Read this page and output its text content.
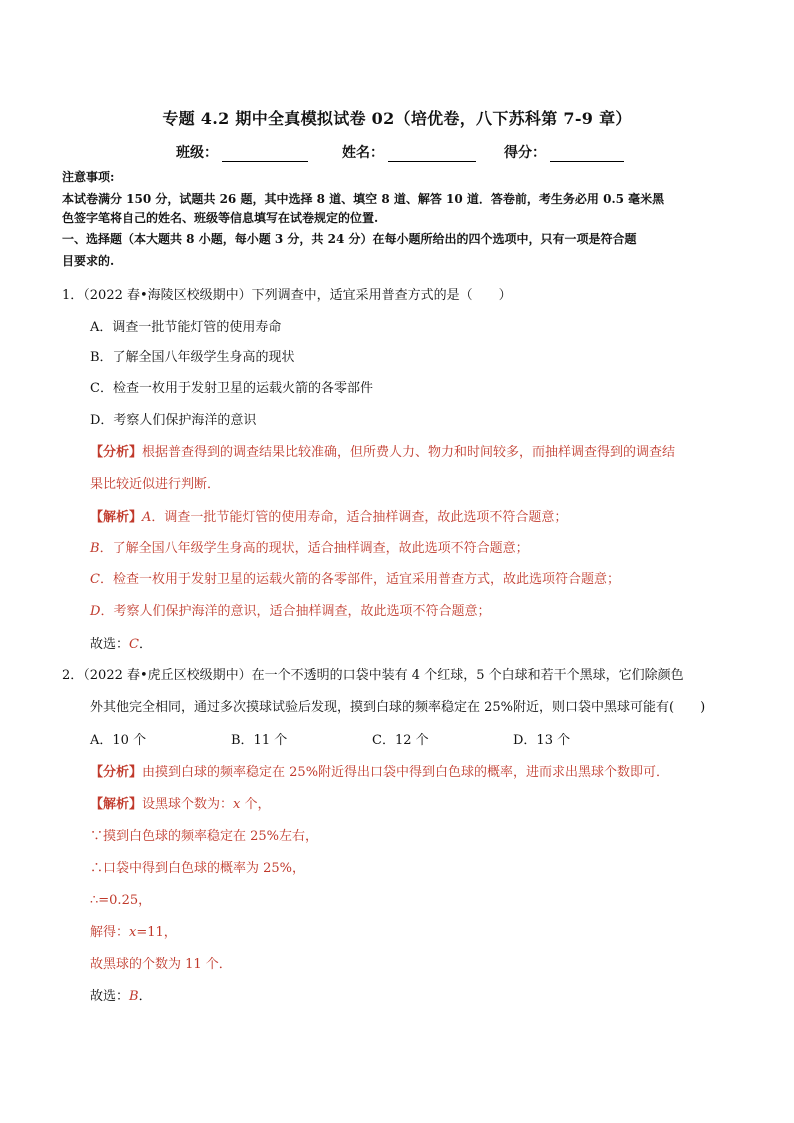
专题 4.2 期中全真模拟试卷 02（培优卷，八下苏科第 7-9 章）
班级：	姓名：	得分：
注意事项:
本试卷满分 150 分，试题共 26 题，其中选择 8 道、填空 8 道、解答 10 道．答卷前，考生务必用 0.5 毫米黑
色签字笔将自己的姓名、班级等信息填写在试卷规定的位置.
一、选择题（本大题共 8 小题，每小题 3 分，共 24 分）在每小题所给出的四个选项中，只有一项是符合题
目要求的.
1．（2022 春•海陵区校级期中）下列调查中，适宜采用普查方式的是（　　）
A．调查一批节能灯管的使用寿命
B．了解全国八年级学生身高的现状
C．检查一枚用于发射卫星的运载火箭的各零部件
D．考察人们保护海洋的意识
【分析】根据普查得到的调查结果比较准确，但所费人力、物力和时间较多，而抽样调查得到的调查结
果比较近似进行判断．
【解析】A．调查一批节能灯管的使用寿命，适合抽样调查，故此选项不符合题意；
B．了解全国八年级学生身高的现状，适合抽样调查，故此选项不符合题意；
C．检查一枚用于发射卫星的运载火箭的各零部件，适宜采用普查方式，故此选项符合题意；
D．考察人们保护海洋的意识，适合抽样调查，故此选项不符合题意；
故选：C．
2．（2022 春•虎丘区校级期中）在一个不透明的口袋中装有 4 个红球，5 个白球和若干个黑球，它们除颜色
外其他完全相同，通过多次摸球试验后发现，摸到白球的频率稳定在 25%附近，则口袋中黑球可能有(　　)
A．10 个	B．11 个	C．12 个	D．13 个
【分析】由摸到白球的频率稳定在 25%附近得出口袋中得到白色球的概率，进而求出黑球个数即可．
【解析】设黑球个数为：x 个，
∵摸到白色球的频率稳定在 25%左右，
∴口袋中得到白色球的概率为 25%，
∴=0.25，
解得：x=11，
故黑球的个数为 11 个．
故选：B．
